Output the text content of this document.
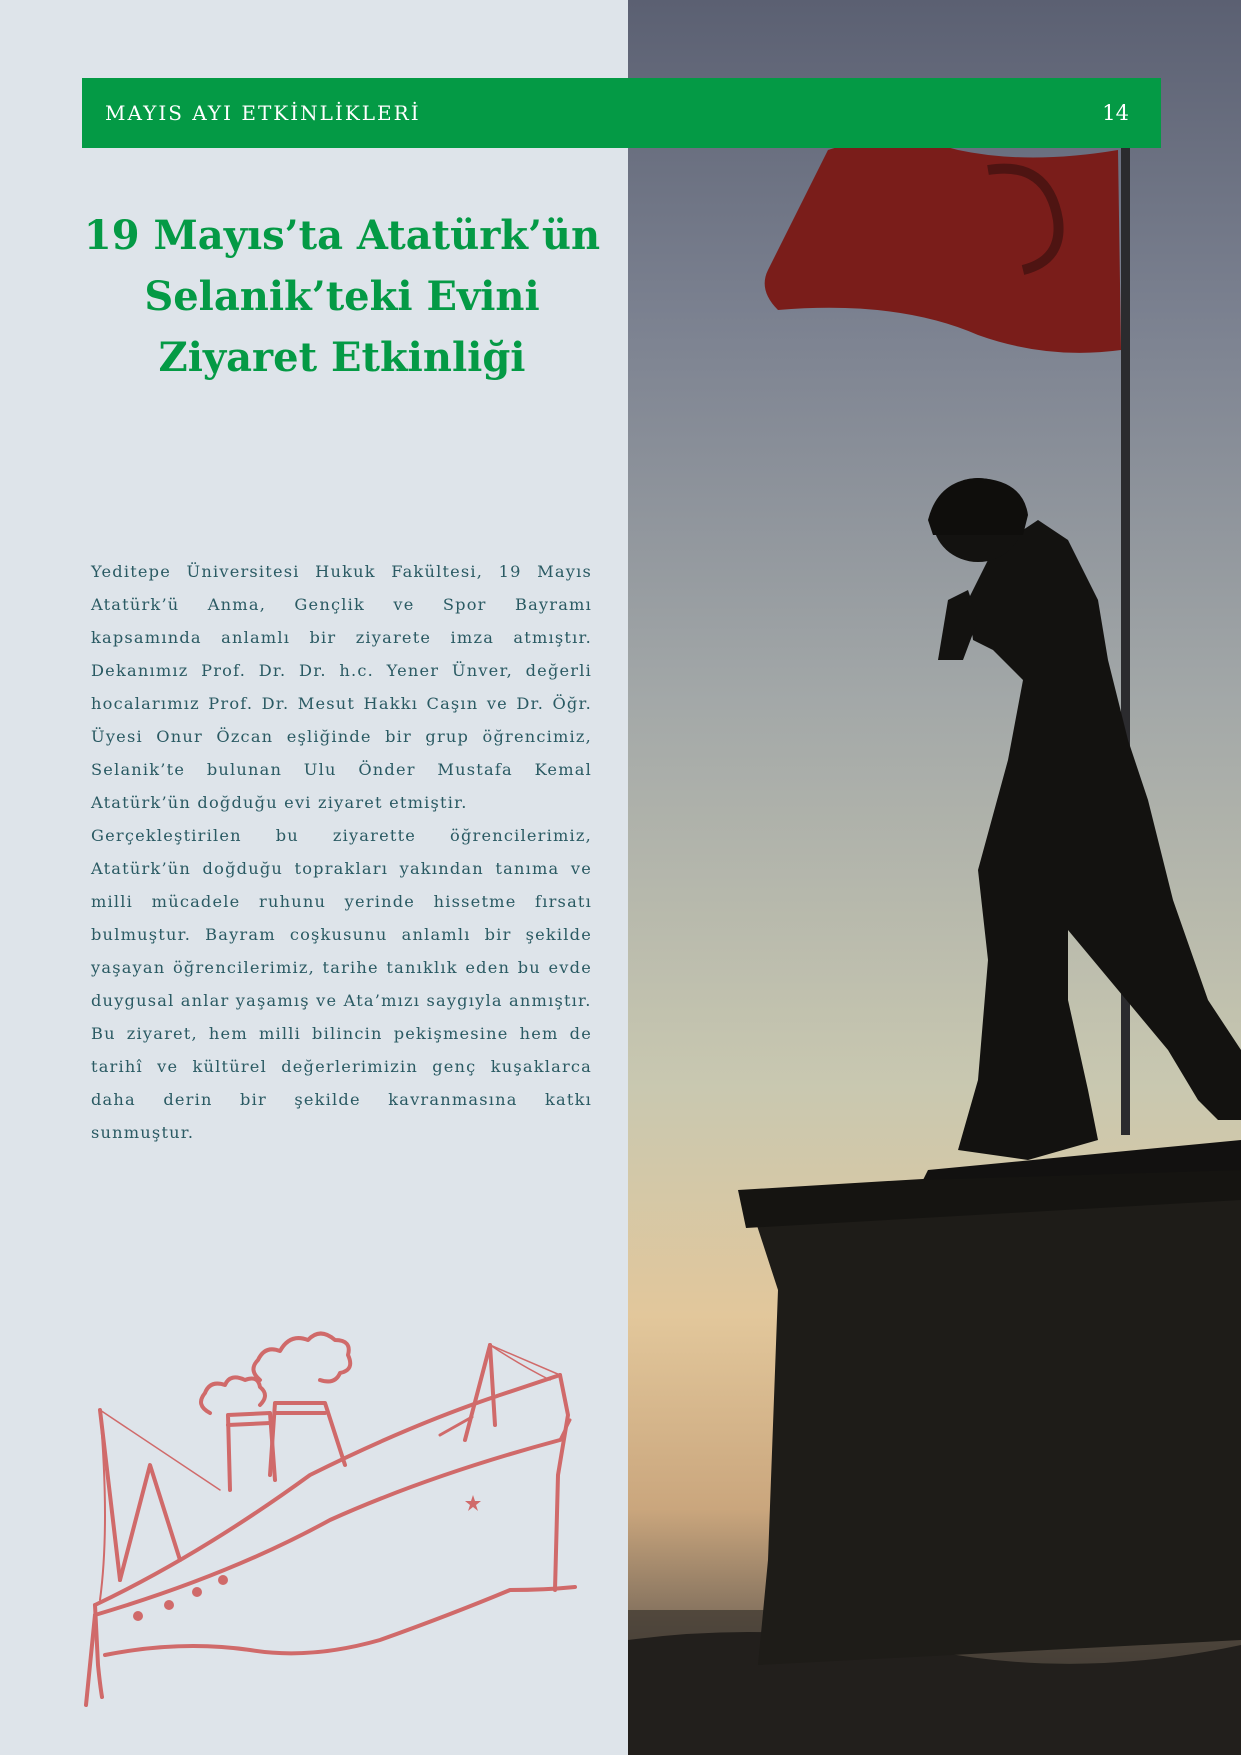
MAYIS AYI ETKİNLİKLERİ	14
19 Mayıs’ta Atatürk’ün
Selanik’teki Evini
Ziyaret Etkinliği

Yeditepe Üniversitesi Hukuk Fakültesi, 19 Mayıs Atatürk’ü Anma, Gençlik ve Spor Bayramı kapsamında anlamlı bir ziyarete imza atmıştır. Dekanımız Prof. Dr. Dr. h.c. Yener Ünver, değerli hocalarımız Prof. Dr. Mesut Hakkı Caşın ve Dr. Öğr. Üyesi Onur Özcan eşliğinde bir grup öğrencimiz, Selanik’te bulunan Ulu Önder Mustafa Kemal Atatürk’ün doğduğu evi ziyaret etmiştir.

Gerçekleştirilen bu ziyarette öğrencilerimiz, Atatürk’ün doğduğu toprakları yakından tanıma ve milli mücadele ruhunu yerinde hissetme fırsatı bulmuştur. Bayram coşkusunu anlamlı bir şekilde yaşayan öğrencilerimiz, tarihe tanıklık eden bu evde duygusal anlar yaşamış ve Ata’mızı saygıyla anmıştır.

Bu ziyaret, hem milli bilincin pekişmesine hem de tarihî ve kültürel değerlerimizin genç kuşaklarca daha derin bir şekilde kavranmasına katkı sunmuştur.
